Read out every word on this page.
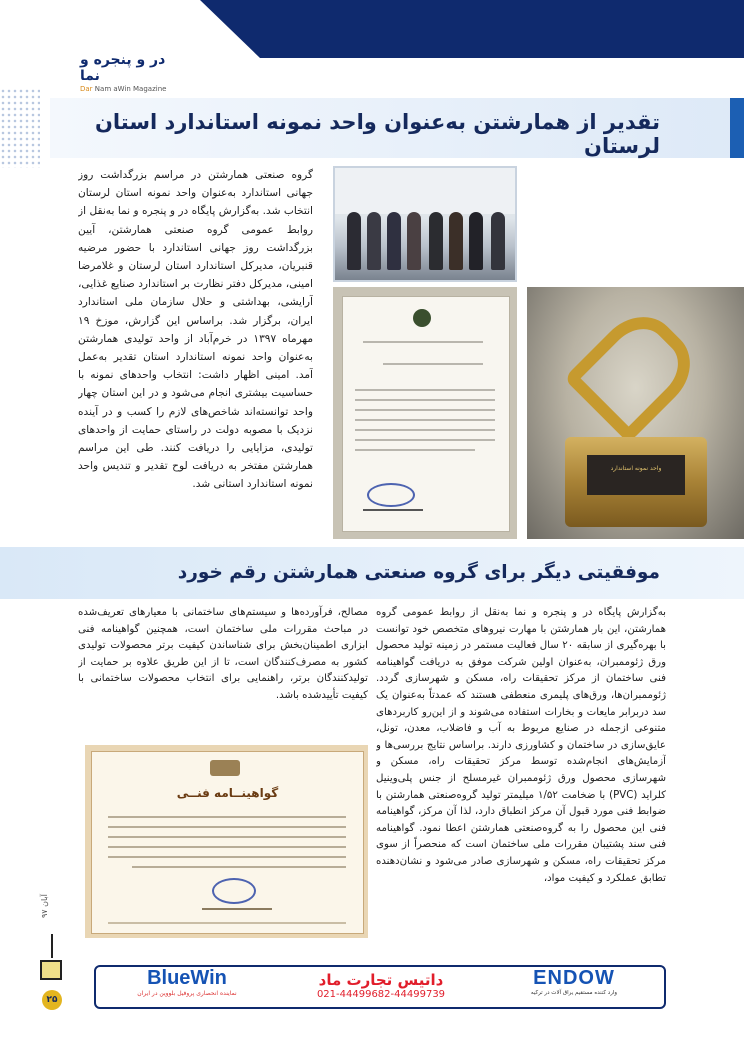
در و پنجره و نما
Dar Nam aWin Magazine
تقدیر از همارشتن به‌عنوان واحد نمونه استاندارد استان لرستان
گروه صنعتی همارشتن در مراسم بزرگداشت روز جهانی استاندارد به‌عنوان واحد نمونه استان لرستان انتخاب شد. به‌گزارش پایگاه در و پنجره و نما به‌نقل از روابط عمومی گروه صنعتی همارشتن، آیین بزرگداشت روز جهانی استاندارد با حضور مرضیه قنبریان، مدیرکل استاندارد استان لرستان و غلامرضا امینی، مدیرکل دفتر نظارت بر استاندارد صنایع غذایی، آرایشی، بهداشتی و حلال سازمان ملی استاندارد ایران، برگزار شد. براساس این گزارش، موزخ ۱۹ مهرماه ۱۳۹۷ در خرم‌آباد از واحد تولیدی همارشتن به‌عنوان واحد نمونه استاندارد استان تقدیر به‌عمل آمد. امینی اظهار داشت: انتخاب واحدهای نمونه با حساسیت بیشتری انجام می‌شود و در این استان چهار واحد توانسته‌اند شاخص‌های لازم را کسب و در آینده نزدیک با مصوبه دولت در راستای حمایت از واحدهای تولیدی، مزایایی را دریافت کنند. طی این مراسم همارشتن مفتخر به دریافت لوح تقدیر و تندیس واحد نمونه استاندارد استانی شد.
واحد نمونه استاندارد
موفقیتی دیگر برای گروه صنعتی همارشتن رقم خورد
به‌گزارش پایگاه در و پنجره و نما به‌نقل از روابط عمومی گروه همارشتن، این بار همارشتن با مهارت نیروهای متخصص خود توانست با بهره‌گیری از سابقه ۲۰ سال فعالیت مستمر در زمینه تولید محصول ورق ژئوممبران، به‌عنوان اولین شرکت موفق به دریافت گواهینامه فنی ساختمان از مرکز تحقیقات راه، مسکن و شهرسازی گردد. ژئوممبران‌ها، ورق‌های پلیمری منعطفی هستند که عمدتاً به‌عنوان یک سد دربرابر مایعات و بخارات استفاده می‌شوند و از این‌رو کاربردهای متنوعی ازجمله در صنایع مربوط به آب و فاضلاب، معدن، تونل، عایق‌سازی در ساختمان و کشاورزی دارند. براساس نتایج بررسی‌ها و آزمایش‌های انجام‌شده توسط مرکز تحقیقات راه، مسکن و شهرسازی محصول ورق ژئوممبران غیرمسلح از جنس پلی‌وینیل کلراید (PVC) با ضخامت ۱/۵۲ میلیمتر تولید گروه‌صنعتی همارشتن با ضوابط فنی مورد قبول آن مرکز انطباق دارد، لذا آن مرکز، گواهینامه فنی این محصول را به گروه‌صنعتی همارشتن اعطا نمود. گواهینامه فنی سند پشتیبان مقررات ملی ساختمان است که منحصراً از سوی مرکز تحقیقات راه، مسکن و شهرسازی صادر می‌شود و نشان‌دهنده تطابق عملکرد و کیفیت مواد،
مصالح، فرآورده‌ها و سیستم‌های ساختمانی با معیارهای تعریف‌شده در مباحث مقررات ملی ساختمان است، همچنین گواهینامه فنی ابزاری اطمینان‌بخش برای شناساندن کیفیت برتر محصولات تولیدی کشور به مصرف‌کنندگان است، تا از این طریق علاوه بر حمایت از تولیدکنندگان برتر، راهنمایی برای انتخاب محصولات ساختمانی با کیفیت تأییدشده باشد.
گواهینــامه فنــی
BlueWin
نماینده انحصاری پروفیل بلووین در ایران
داتیس تجارت ماد
021-44499682-44499739
ENDOW
وارد کننده مستقیم یراق آلات در ترکیه
آبان ۹۷
۲۵
